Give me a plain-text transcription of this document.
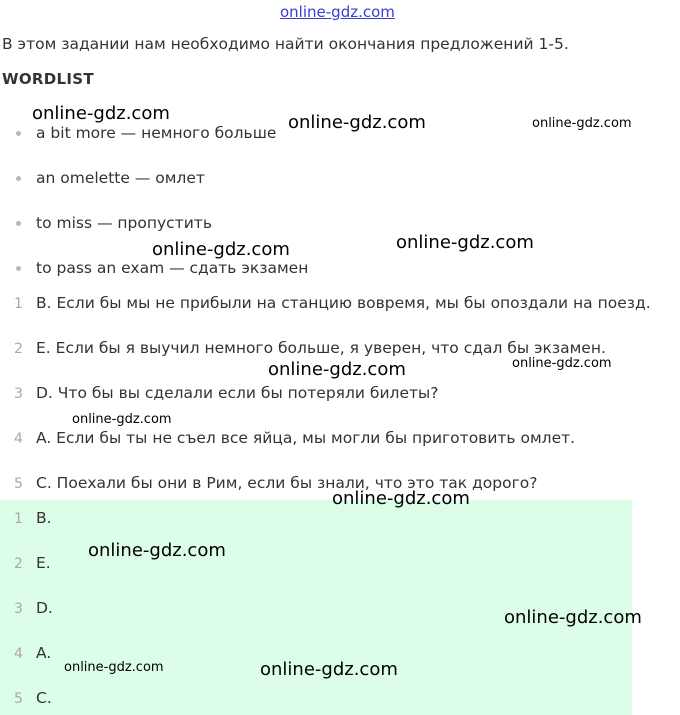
online-gdz.com
В этом задании нам необходимо найти окончания предложений 1-5.
WORDLIST
a bit more — немного больше
an omelette — омлет
to miss — пропустить
to pass an exam — сдать экзамен
1 B. Если бы мы не прибыли на станцию вовремя, мы бы опоздали на поезд.
2 E. Если бы я выучил немного больше, я уверен, что сдал бы экзамен.
3 D. Что бы вы сделали если бы потеряли билеты?
4 A. Если бы ты не съел все яйца, мы могли бы приготовить омлет.
5 C. Поехали бы они в Рим, если бы знали, что это так дорого?
1 B.
2 E.
3 D.
4 A.
5 C.
online-gdz.com	online-gdz.com	online-gdz.com
online-gdz.com	online-gdz.com
online-gdz.com
online-gdz.com
online-gdz.com
online-gdz.com
online-gdz.com
online-gdz.com
online-gdz.com	online-gdz.com
